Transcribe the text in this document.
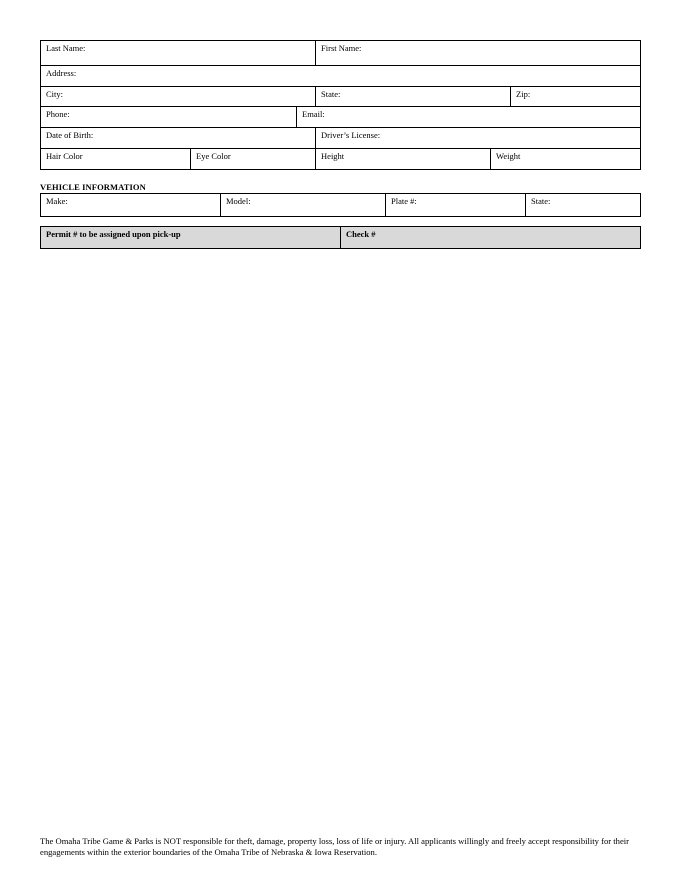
Last Name:			First Name:		
Address:					
City:			State:		Zip:
Phone:		Email:			
Date of Birth:			Driver’s License:		
Hair Color	Eye Color		Height	Weight	
VEHICLE INFORMATION
Make:	Model:	Plate #:	State:
Permit # to be assigned upon pick-up	Check #
The Omaha Tribe Game & Parks is NOT responsible for theft, damage, property loss, loss of life or injury. All applicants willingly and freely accept responsibility for their engagements within the exterior boundaries of the Omaha Tribe of Nebraska & Iowa Reservation.
